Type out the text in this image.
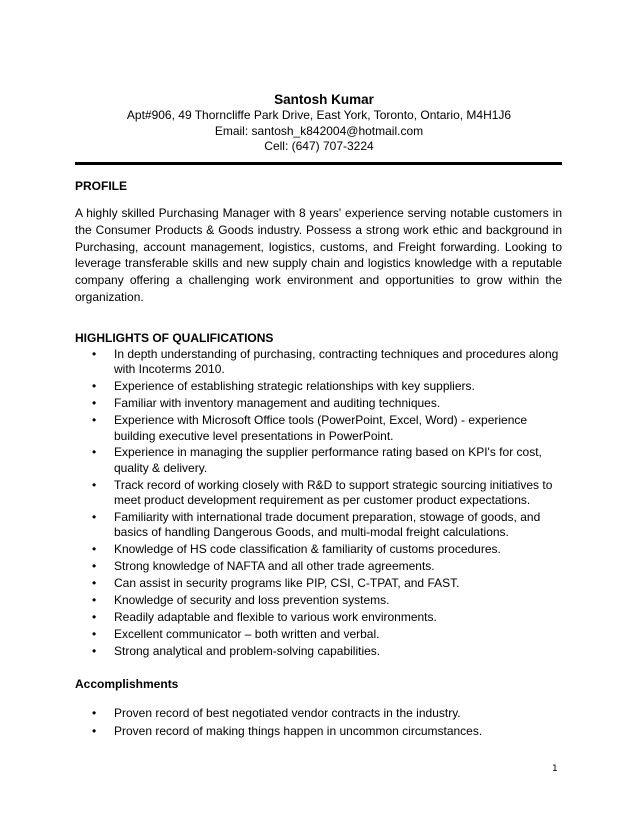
Santosh Kumar
Apt#906, 49 Thorncliffe Park Drive, East York, Toronto, Ontario, M4H1J6
Email: santosh_k842004@hotmail.com
Cell: (647) 707-3224
PROFILE
A highly skilled Purchasing Manager with 8 years' experience serving notable customers in the Consumer Products & Goods industry. Possess a strong work ethic and background in Purchasing, account management, logistics, customs, and Freight forwarding. Looking to leverage transferable skills and new supply chain and logistics knowledge with a reputable company offering a challenging work environment and opportunities to grow within the organization.
HIGHLIGHTS OF QUALIFICATIONS
• In depth understanding of purchasing, contracting techniques and procedures along with Incoterms 2010.
• Experience of establishing strategic relationships with key suppliers.
• Familiar with inventory management and auditing techniques.
• Experience with Microsoft Office tools (PowerPoint, Excel, Word) - experience building executive level presentations in PowerPoint.
• Experience in managing the supplier performance rating based on KPI's for cost, quality & delivery.
• Track record of working closely with R&D to support strategic sourcing initiatives to meet product development requirement as per customer product expectations.
• Familiarity with international trade document preparation, stowage of goods, and basics of handling Dangerous Goods, and multi-modal freight calculations.
• Knowledge of HS code classification & familiarity of customs procedures.
• Strong knowledge of NAFTA and all other trade agreements.
• Can assist in security programs like PIP, CSI, C-TPAT, and FAST.
• Knowledge of security and loss prevention systems.
• Readily adaptable and flexible to various work environments.
• Excellent communicator – both written and verbal.
• Strong analytical and problem-solving capabilities.
Accomplishments
• Proven record of best negotiated vendor contracts in the industry.
• Proven record of making things happen in uncommon circumstances.
1
